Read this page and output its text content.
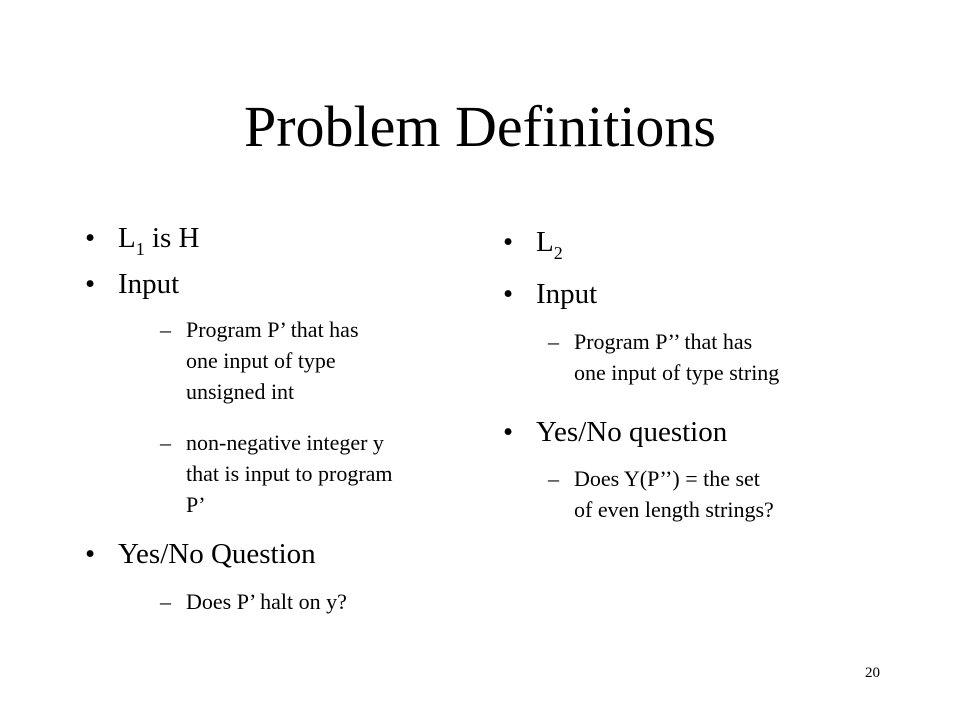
Problem Definitions
• $L_1$ is H
• Input
– Program P’ that has
one input of type
unsigned int
– non-negative integer y
that is input to program
P’
• Yes/No Question
– Does P’ halt on y?
• $L_2$
• Input
– Program P’’ that has
one input of type string
• Yes/No question
– Does Y(P’’) = the set
of even length strings?
20
